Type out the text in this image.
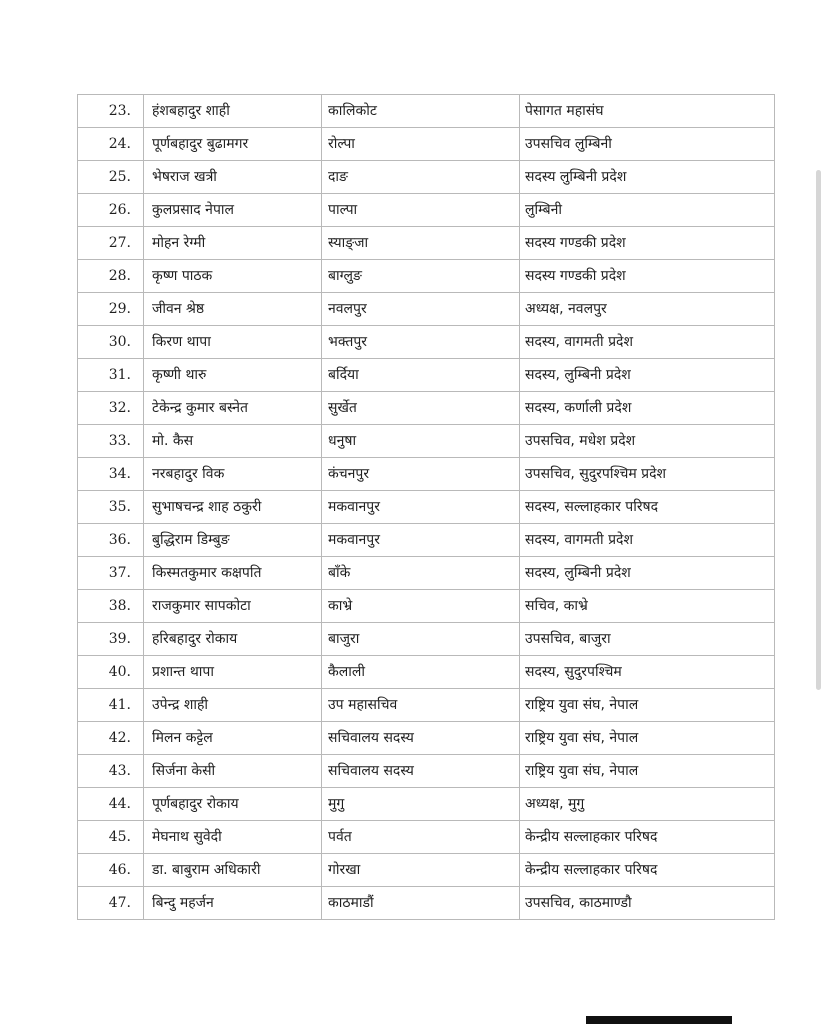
23.	हंशबहादुर शाही	कालिकोट	पेसागत महासंघ
24.	पूर्णबहादुर बुढामगर	रोल्पा	उपसचिव लुम्बिनी
25.	भेषराज खत्री	दाङ	सदस्य लुम्बिनी प्रदेश
26.	कुलप्रसाद नेपाल	पाल्पा	लुम्बिनी
27.	मोहन रेग्मी	स्याङ्जा	सदस्य गण्डकी प्रदेश
28.	कृष्ण पाठक	बाग्लुङ	सदस्य गण्डकी प्रदेश
29.	जीवन श्रेष्ठ	नवलपुर	अध्यक्ष, नवलपुर
30.	किरण थापा	भक्तपुर	सदस्य, वागमती प्रदेश
31.	कृष्णी थारु	बर्दिया	सदस्य, लुम्बिनी प्रदेश
32.	टेकेन्द्र कुमार बस्नेत	सुर्खेत	सदस्य, कर्णाली प्रदेश
33.	मो. कैस	धनुषा	उपसचिव, मधेश प्रदेश
34.	नरबहादुर विक	कंचनपुर	उपसचिव, सुदुरपश्चिम प्रदेश
35.	सुभाषचन्द्र शाह ठकुरी	मकवानपुर	सदस्य, सल्लाहकार परिषद
36.	बुद्धिराम डिम्बुङ	मकवानपुर	सदस्य, वागमती प्रदेश
37.	किस्मतकुमार कक्षपति	बाँके	सदस्य, लुम्बिनी प्रदेश
38.	राजकुमार सापकोटा	काभ्रे	सचिव, काभ्रे
39.	हरिबहादुर रोकाय	बाजुरा	उपसचिव, बाजुरा
40.	प्रशान्त थापा	कैलाली	सदस्य, सुदुरपश्चिम
41.	उपेन्द्र शाही	उप महासचिव	राष्ट्रिय युवा संघ, नेपाल
42.	मिलन कट्टेल	सचिवालय सदस्य	राष्ट्रिय युवा संघ, नेपाल
43.	सिर्जना केसी	सचिवालय सदस्य	राष्ट्रिय युवा संघ, नेपाल
44.	पूर्णबहादुर रोकाय	मुगु	अध्यक्ष, मुगु
45.	मेघनाथ सुवेदी	पर्वत	केन्द्रीय सल्लाहकार परिषद
46.	डा. बाबुराम अधिकारी	गोरखा	केन्द्रीय सल्लाहकार परिषद
47.	बिन्दु महर्जन	काठमाडौं	उपसचिव, काठमाण्डौ
